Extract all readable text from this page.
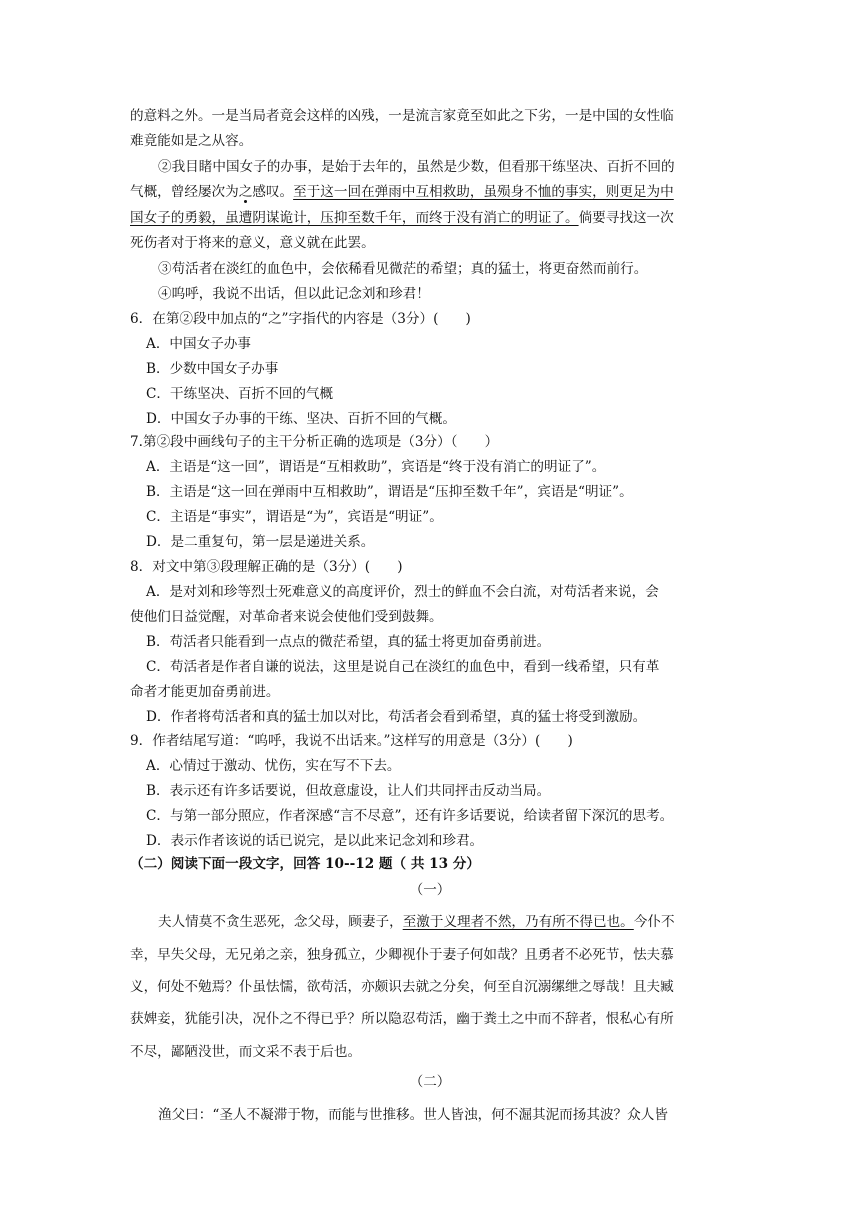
的意料之外。一是当局者竟会这样的凶残，一是流言家竟至如此之下劣，一是中国的女性临
难竟能如是之从容。
②我目睹中国女子的办事，是始于去年的，虽然是少数，但看那干练坚决、百折不回的
气概，曾经屡次为之感叹。至于这一回在弹雨中互相救助，虽殒身不恤的事实，则更足为中
国女子的勇毅，虽遭阴谋诡计，压抑至数千年，而终于没有消亡的明证了。倘要寻找这一次
死伤者对于将来的意义，意义就在此罢。
③苟活者在淡红的血色中，会依稀看见微茫的希望；真的猛士，将更奋然而前行。
④呜呼，我说不出话，但以此记念刘和珍君！
6．在第②段中加点的“之”字指代的内容是（3分）(　　)
A．中国女子办事
B．少数中国女子办事
C．干练坚决、百折不回的气概
D．中国女子办事的干练、坚决、百折不回的气概。
7.第②段中画线句子的主干分析正确的选项是（3分）（　　）
A．主语是“这一回”，谓语是“互相救助”，宾语是“终于没有消亡的明证了”。
B．主语是“这一回在弹雨中互相救助”，谓语是“压抑至数千年”，宾语是“明证”。
C．主语是“事实”，谓语是“为”，宾语是“明证”。
D．是二重复句，第一层是递进关系。
8．对文中第③段理解正确的是（3分）(　　)
A．是对刘和珍等烈士死难意义的高度评价，烈士的鲜血不会白流，对苟活者来说，会
使他们日益觉醒，对革命者来说会使他们受到鼓舞。
B．苟活者只能看到一点点的微茫希望，真的猛士将更加奋勇前进。
C．苟活者是作者自谦的说法，这里是说自己在淡红的血色中，看到一线希望，只有革
命者才能更加奋勇前进。
D．作者将苟活者和真的猛士加以对比，苟活者会看到希望，真的猛士将受到激励。
9．作者结尾写道：“呜呼，我说不出话来。”这样写的用意是（3分）(　　)
A．心情过于激动、忧伤，实在写不下去。
B．表示还有许多话要说，但故意虚设，让人们共同抨击反动当局。
C．与第一部分照应，作者深感“言不尽意”，还有许多话要说，给读者留下深沉的思考。
D．表示作者该说的话已说完，是以此来记念刘和珍君。
（二）阅读下面一段文字，回答 10--12 题（ 共 13 分）
（一）
夫人情莫不贪生恶死，念父母，顾妻子，至激于义理者不然，乃有所不得已也。今仆不
幸，早失父母，无兄弟之亲，独身孤立，少卿视仆于妻子何如哉？且勇者不必死节，怯夫慕
义，何处不勉焉？仆虽怯懦，欲苟活，亦颇识去就之分矣，何至自沉溺缧绁之辱哉！且夫臧
获婢妾，犹能引决，况仆之不得已乎？所以隐忍苟活，幽于粪土之中而不辞者，恨私心有所
不尽，鄙陋没世，而文采不表于后也。
（二）
渔父曰：“圣人不凝滞于物，而能与世推移。世人皆浊，何不淈其泥而扬其波？众人皆
